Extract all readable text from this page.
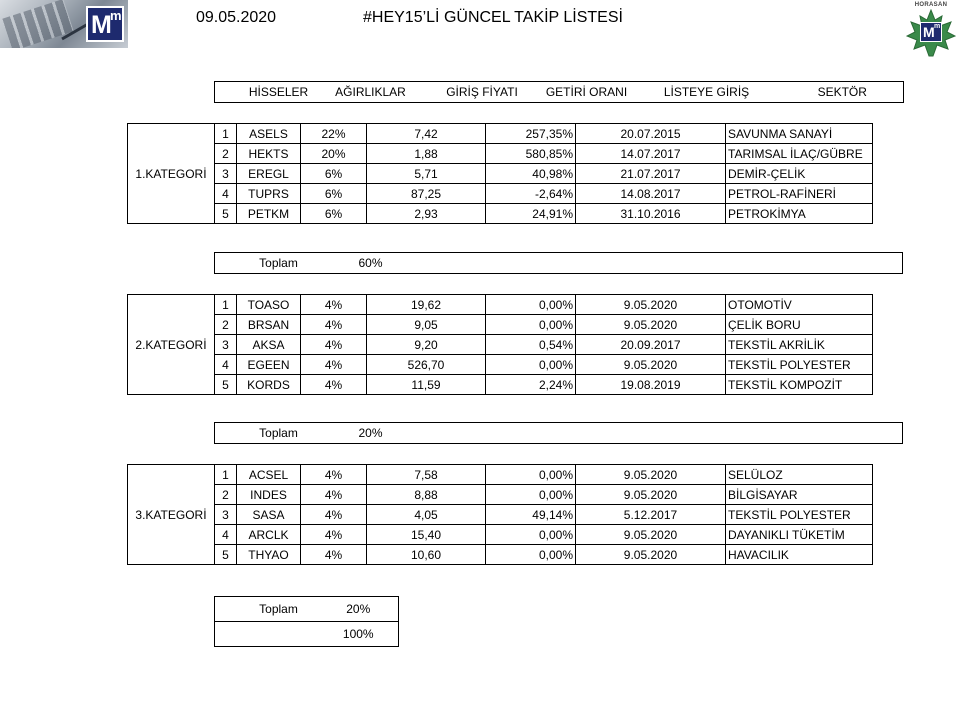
M
m	09.05.2020	#HEY15’Lİ GÜNCEL TAKİP LİSTESİ
HORASAN
M m
	HİSSELER	AĞIRLIKLAR	GİRİŞ FİYATI	GETİRİ ORANI	LİSTEYE GİRİŞ	SEKTÖR
1.KATEGORİ	1	ASELS	22%	7,42	257,35%	20.07.2015	SAVUNMA SANAYİ
	2	HEKTS	20%	1,88	580,85%	14.07.2017	TARIMSAL İLAÇ/GÜBRE
	3	EREGL	6%	5,71	40,98%	21.07.2017	DEMİR-ÇELİK
	4	TUPRS	6%	87,25	-2,64%	14.08.2017	PETROL-RAFİNERİ
	5	PETKM	6%	2,93	24,91%	31.10.2016	PETROKİMYA
	Toplam	60%	
2.KATEGORİ	1	TOASO	4%	19,62	0,00%	9.05.2020	OTOMOTİV
	2	BRSAN	4%	9,05	0,00%	9.05.2020	ÇELİK BORU
	3	AKSA	4%	9,20	0,54%	20.09.2017	TEKSTİL AKRİLİK
	4	EGEEN	4%	526,70	0,00%	9.05.2020	TEKSTİL POLYESTER
	5	KORDS	4%	11,59	2,24%	19.08.2019	TEKSTİL KOMPOZİT
	Toplam	20%	
3.KATEGORİ	1	ACSEL	4%	7,58	0,00%	9.05.2020	SELÜLOZ
	2	INDES	4%	8,88	0,00%	9.05.2020	BİLGİSAYAR
	3	SASA	4%	4,05	49,14%	5.12.2017	TEKSTİL POLYESTER
	4	ARCLK	4%	15,40	0,00%	9.05.2020	DAYANIKLI TÜKETİM
	5	THYAO	4%	10,60	0,00%	9.05.2020	HAVACILIK
	Toplam	20%
		100%
